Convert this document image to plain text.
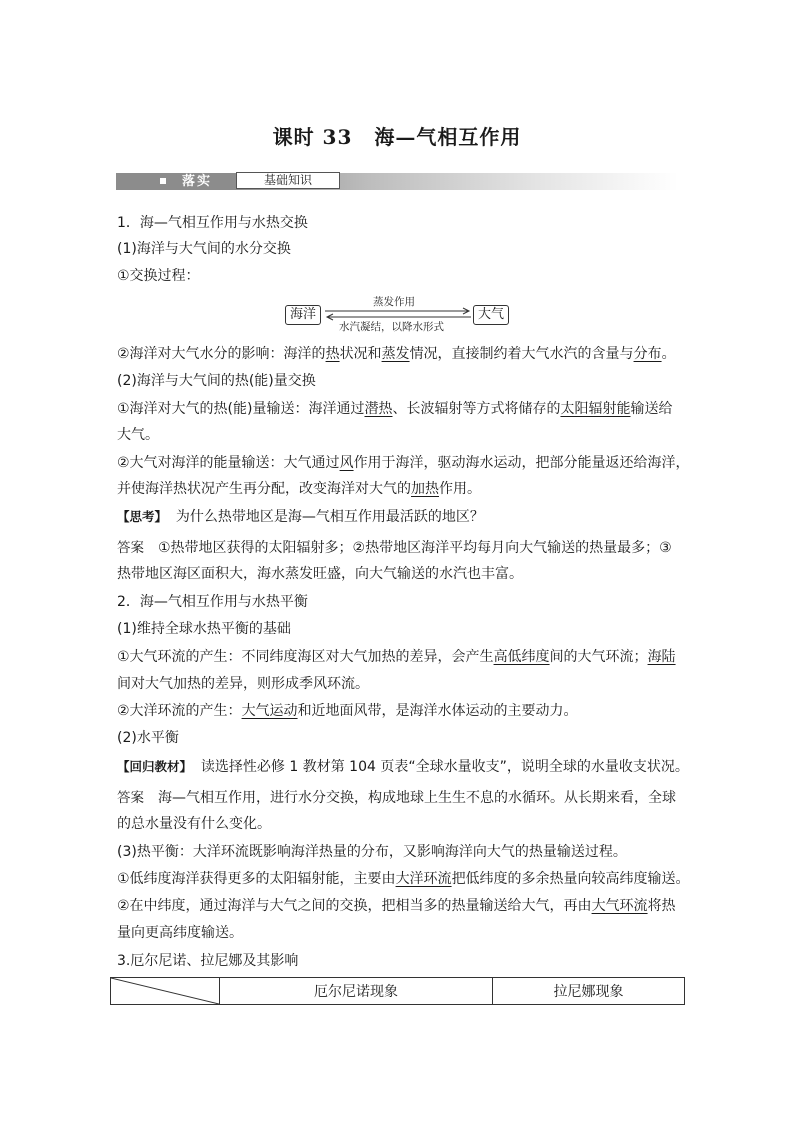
课时 33 海—气相互作用
落实	基础知识
1．海—气相互作用与水热交换
(1)海洋与大气间的水分交换
①交换过程：
海洋	大气
蒸发作用
水汽凝结，以降水形式
②海洋对大气水分的影响：海洋的热状况和蒸发情况，直接制约着大气水汽的含量与分布。
(2)海洋与大气间的热(能)量交换
①海洋对大气的热(能)量输送：海洋通过潜热、长波辐射等方式将储存的太阳辐射能输送给
大气。
②大气对海洋的能量输送：大气通过风作用于海洋，驱动海水运动，把部分能量返还给海洋，
并使海洋热状况产生再分配，改变海洋对大气的加热作用。
【思考】 为什么热带地区是海—气相互作用最活跃的地区？
答案 ①热带地区获得的太阳辐射多；②热带地区海洋平均每月向大气输送的热量最多；③
热带地区海区面积大，海水蒸发旺盛，向大气输送的水汽也丰富。
2．海—气相互作用与水热平衡
(1)维持全球水热平衡的基础
①大气环流的产生：不同纬度海区对大气加热的差异，会产生高低纬度间的大气环流；海陆
间对大气加热的差异，则形成季风环流。
②大洋环流的产生：大气运动和近地面风带，是海洋水体运动的主要动力。
(2)水平衡
【回归教材】 读选择性必修 1 教材第 104 页表“全球水量收支”，说明全球的水量收支状况。
答案 海—气相互作用，进行水分交换，构成地球上生生不息的水循环。从长期来看，全球
的总水量没有什么变化。
(3)热平衡：大洋环流既影响海洋热量的分布，又影响海洋向大气的热量输送过程。
①低纬度海洋获得更多的太阳辐射能，主要由大洋环流把低纬度的多余热量向较高纬度输送。
②在中纬度，通过海洋与大气之间的交换，把相当多的热量输送给大气，再由大气环流将热
量向更高纬度输送。
3.厄尔尼诺、拉尼娜及其影响
	厄尔尼诺现象	拉尼娜现象
